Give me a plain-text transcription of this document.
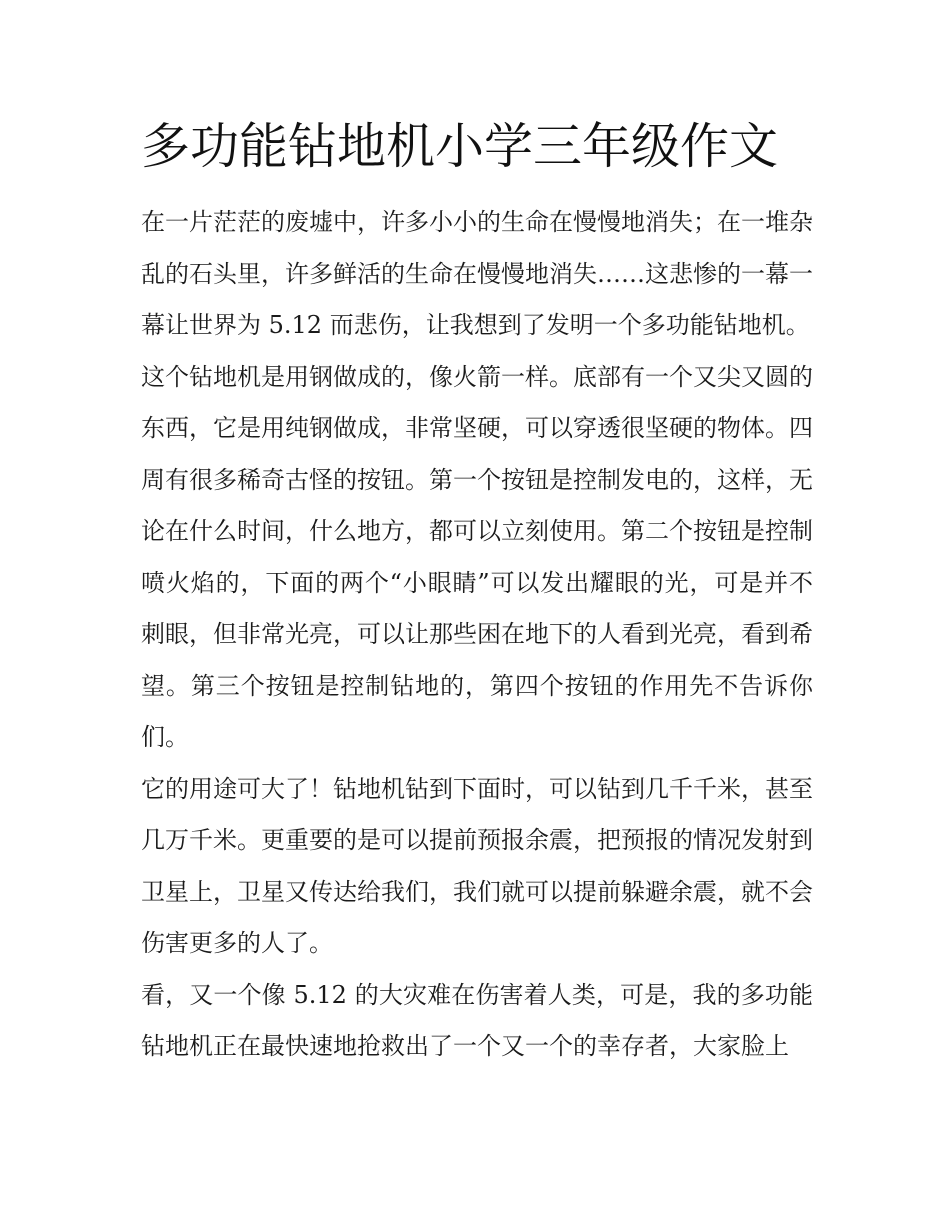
多功能钻地机小学三年级作文

在一片茫茫的废墟中，许多小小的生命在慢慢地消失；在一堆杂乱的石头里，许多鲜活的生命在慢慢地消失……这悲惨的一幕一幕让世界为 5.12 而悲伤，让我想到了发明一个多功能钻地机。

这个钻地机是用钢做成的，像火箭一样。底部有一个又尖又圆的东西，它是用纯钢做成，非常坚硬，可以穿透很坚硬的物体。四周有很多稀奇古怪的按钮。第一个按钮是控制发电的，这样，无论在什么时间，什么地方，都可以立刻使用。第二个按钮是控制喷火焰的，下面的两个“小眼睛”可以发出耀眼的光，可是并不刺眼，但非常光亮，可以让那些困在地下的人看到光亮，看到希望。第三个按钮是控制钻地的，第四个按钮的作用先不告诉你们。

它的用途可大了！钻地机钻到下面时，可以钻到几千千米，甚至几万千米。更重要的是可以提前预报余震，把预报的情况发射到卫星上，卫星又传达给我们，我们就可以提前躲避余震，就不会伤害更多的人了。

看，又一个像 5.12 的大灾难在伤害着人类，可是，我的多功能钻地机正在最快速地抢救出了一个又一个的幸存者，大家脸上
